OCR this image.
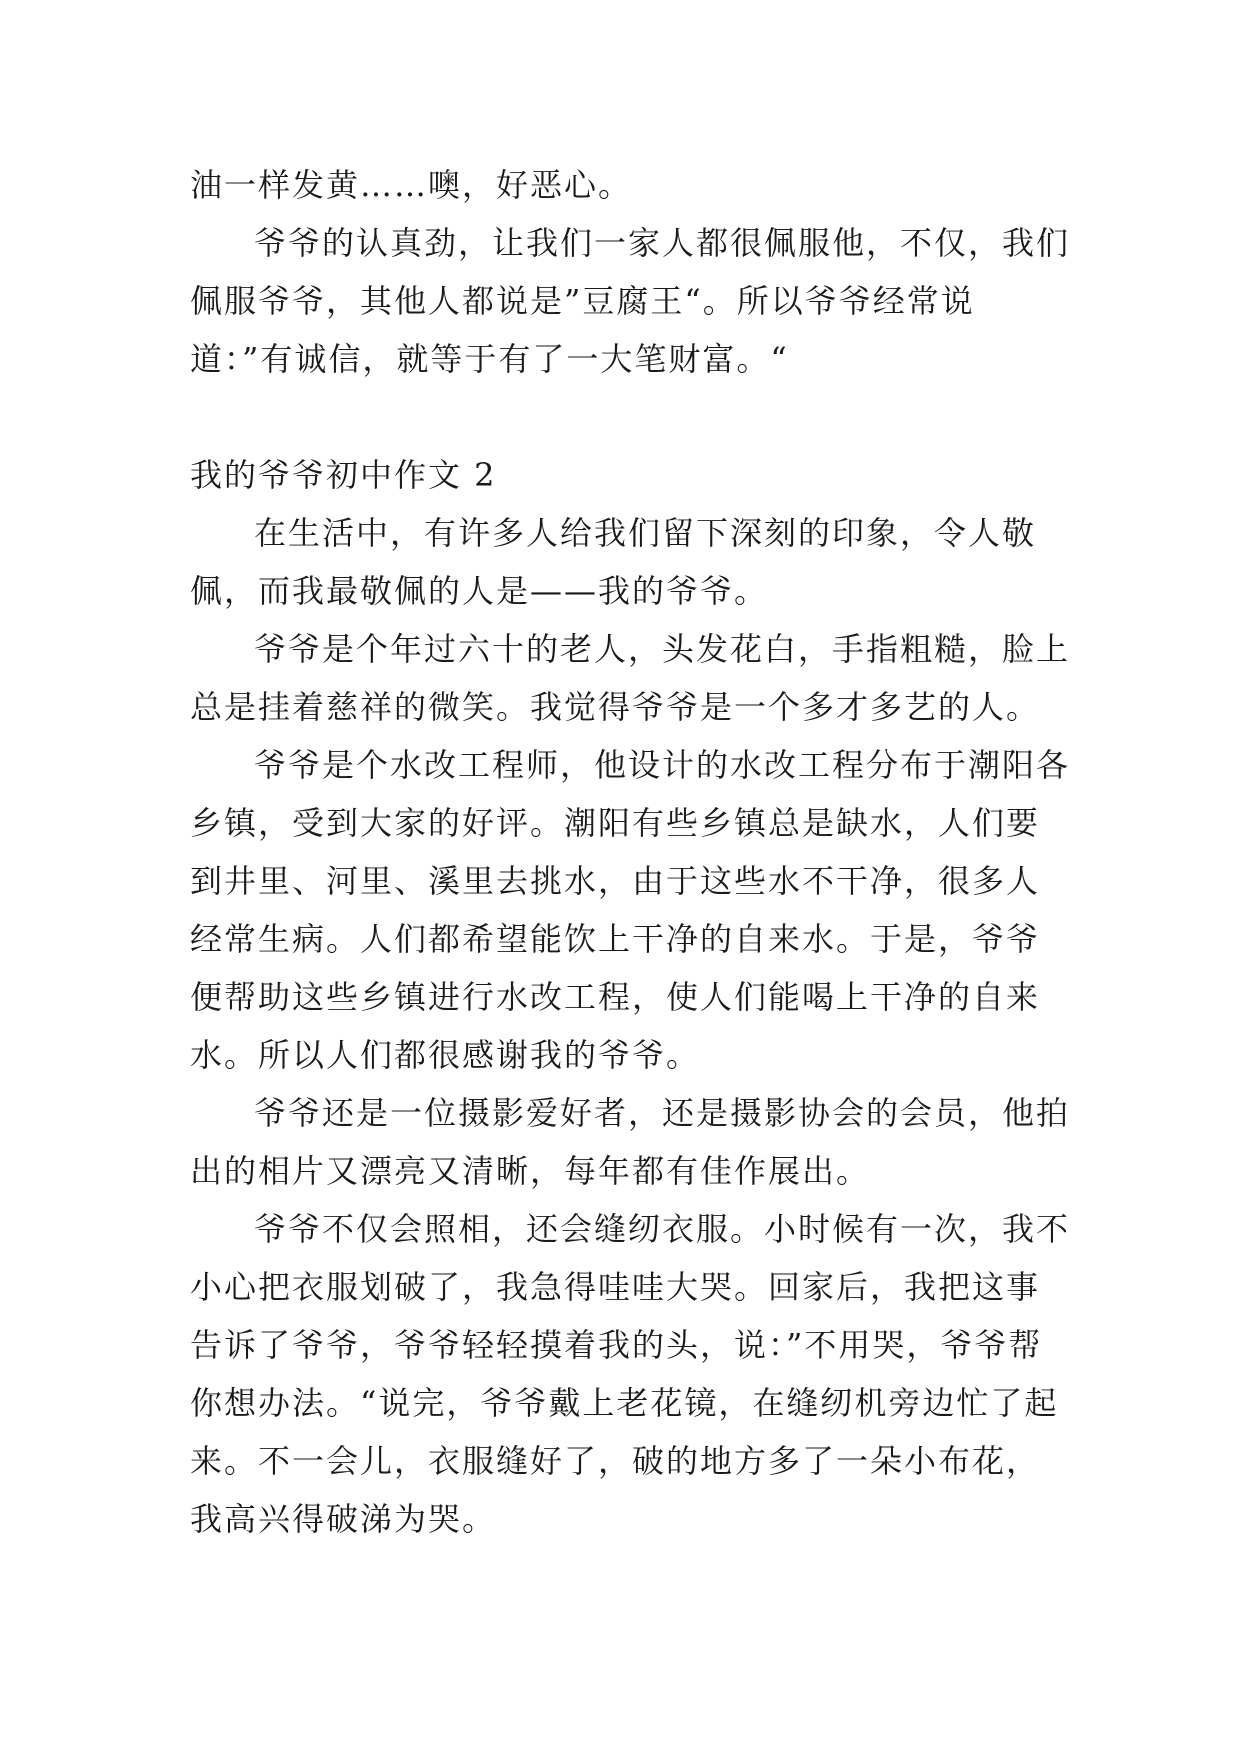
油一样发黄……噢，好恶心。

爷爷的认真劲，让我们一家人都很佩服他，不仅，我们佩服爷爷，其他人都说是”豆腐王“。所以爷爷经常说道：”有诚信，就等于有了一大笔财富。“

我的爷爷初中作文 2

在生活中，有许多人给我们留下深刻的印象，令人敬佩，而我最敬佩的人是——我的爷爷。

爷爷是个年过六十的老人，头发花白，手指粗糙，脸上总是挂着慈祥的微笑。我觉得爷爷是一个多才多艺的人。

爷爷是个水改工程师，他设计的水改工程分布于潮阳各乡镇，受到大家的好评。潮阳有些乡镇总是缺水，人们要到井里、河里、溪里去挑水，由于这些水不干净，很多人经常生病。人们都希望能饮上干净的自来水。于是，爷爷便帮助这些乡镇进行水改工程，使人们能喝上干净的自来水。所以人们都很感谢我的爷爷。

爷爷还是一位摄影爱好者，还是摄影协会的会员，他拍出的相片又漂亮又清晰，每年都有佳作展出。

爷爷不仅会照相，还会缝纫衣服。小时候有一次，我不小心把衣服划破了，我急得哇哇大哭。回家后，我把这事告诉了爷爷，爷爷轻轻摸着我的头，说：”不用哭，爷爷帮你想办法。“说完，爷爷戴上老花镜，在缝纫机旁边忙了起来。不一会儿，衣服缝好了，破的地方多了一朵小布花，我高兴得破涕为哭。
